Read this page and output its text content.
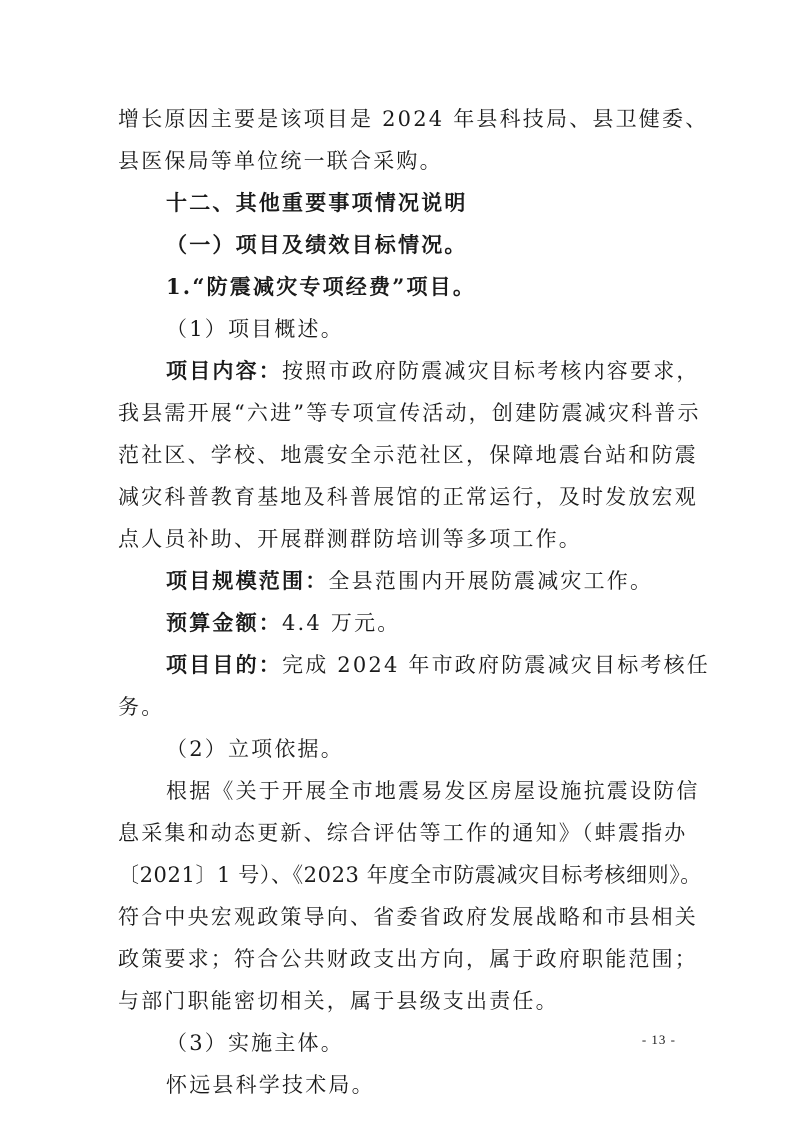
增长原因主要是该项目是 2024 年县科技局、县卫健委、
县医保局等单位统一联合采购。
十二、其他重要事项情况说明
（一）项目及绩效目标情况。
1.“防震减灾专项经费”项目。
（1）项目概述。
项目内容：按照市政府防震减灾目标考核内容要求，
我县需开展“六进”等专项宣传活动，创建防震减灾科普示
范社区、学校、地震安全示范社区，保障地震台站和防震
减灾科普教育基地及科普展馆的正常运行，及时发放宏观
点人员补助、开展群测群防培训等多项工作。
项目规模范围：全县范围内开展防震减灾工作。
预算金额：4.4 万元。
项目目的：完成 2024 年市政府防震减灾目标考核任
务。
（2）立项依据。
根据《关于开展全市地震易发区房屋设施抗震设防信
息采集和动态更新、综合评估等工作的通知》（蚌震指办
〔2021〕1 号）、《2023 年度全市防震减灾目标考核细则》。
符合中央宏观政策导向、省委省政府发展战略和市县相关
政策要求；符合公共财政支出方向，属于政府职能范围；
与部门职能密切相关，属于县级支出责任。
（3）实施主体。
怀远县科学技术局。
- 13 -
